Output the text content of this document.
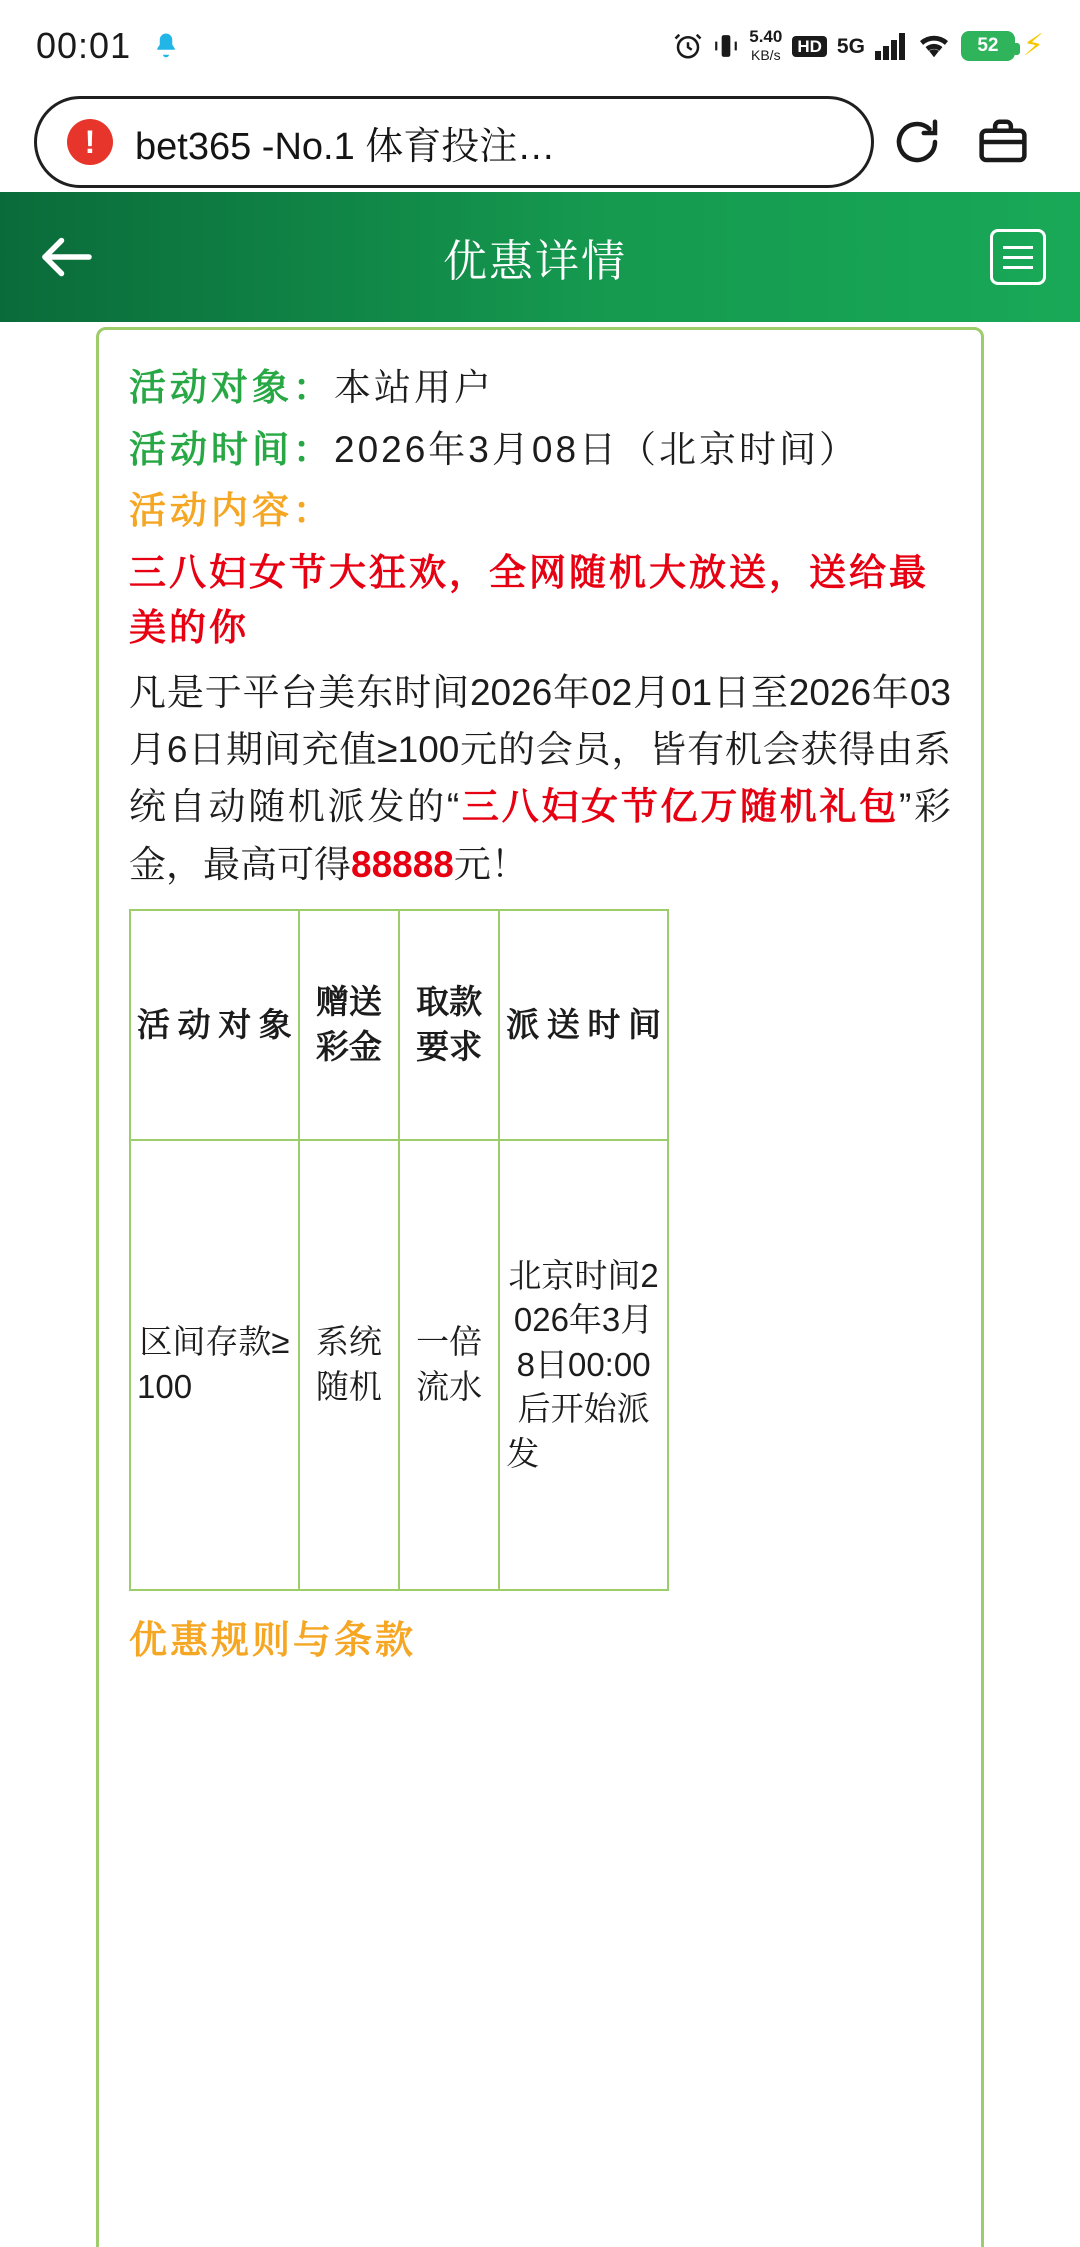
00:01	5.40
KB/s HD 5G	52 ⚡
!	bet365 -No.1 体育投注…
优惠详情
活动对象：本站用户
活动时间：2026年3月08日（北京时间）
活动内容：
三八妇女节大狂欢，全网随机大放送，送给最美的你
凡是于平台美东时间2026年02月01日至2026年03月6日期间充值≥100元的会员，皆有机会获得由系统自动随机派发的“三八妇女节亿万随机礼包”彩金，最高可得88888元！
活动对象	赠送彩金	取款要求	派送时间
区间存款≥100	系统随机	一倍流水	北京时间2026年3月8日00:00后开始派发
优惠规则与条款
